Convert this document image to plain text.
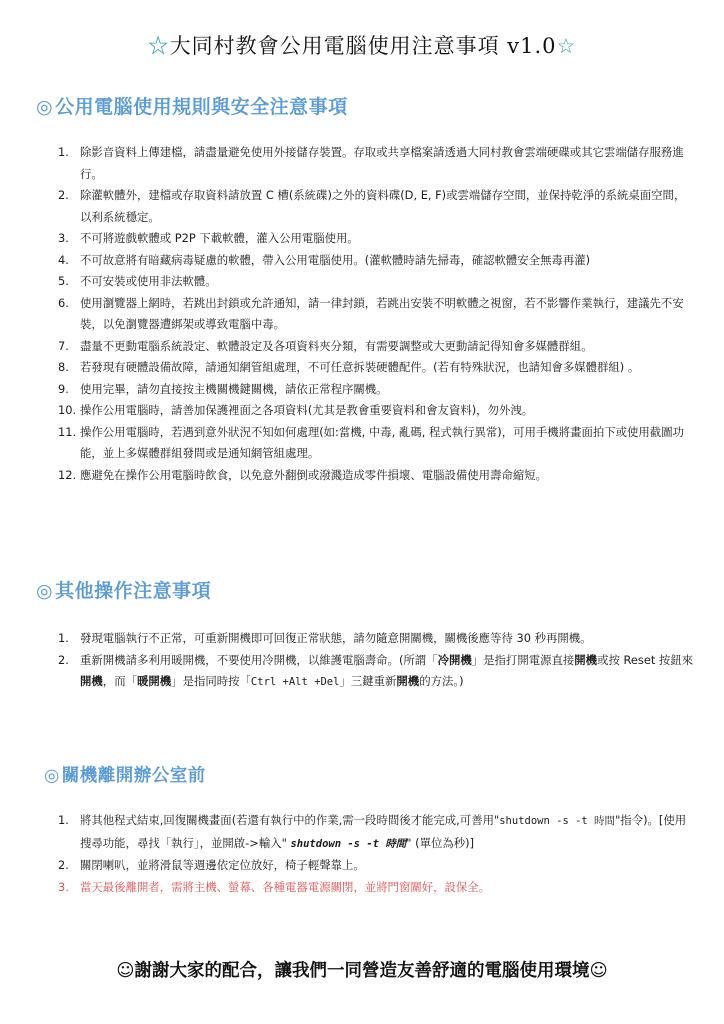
☆大同村教會公用電腦使用注意事項 v1.0☆
◎ 公用電腦使用規則與安全注意事項
1. 除影音資料上傳建檔，請盡量避免使用外接儲存裝置。存取或共享檔案請透過大同村教會雲端硬碟或其它雲端儲存服務進行。
2. 除灌軟體外，建檔或存取資料請放置 C 槽(系統碟)之外的資料碟(D, E, F)或雲端儲存空間，並保持乾淨的系統桌面空間，以利系統穩定。
3. 不可將遊戲軟體或 P2P 下載軟體，灌入公用電腦使用。
4. 不可故意將有暗藏病毒疑慮的軟體，帶入公用電腦使用。(灌軟體時請先掃毒，確認軟體安全無毒再灌)
5. 不可安裝或使用非法軟體。
6. 使用瀏覽器上網時，若跳出封鎖或允許通知，請一律封鎖，若跳出安裝不明軟體之視窗，若不影響作業執行，建議先不安裝，以免瀏覽器遭綁架或導致電腦中毒。
7. 盡量不更動電腦系統設定、軟體設定及各項資料夾分類，有需要調整或大更動請記得知會多媒體群組。
8. 若發現有硬體設備故障，請通知網管組處理，不可任意拆裝硬體配件。(若有特殊狀況，也請知會多媒體群組) 。
9. 使用完畢，請勿直接按主機關機鍵關機，請依正常程序關機。
10. 操作公用電腦時，請善加保護裡面之各項資料(尤其是教會重要資料和會友資料)，勿外洩。
11. 操作公用電腦時，若遇到意外狀況不知如何處理(如:當機, 中毒, 亂碼, 程式執行異常)，可用手機將畫面拍下或使用截圖功能，並上多媒體群組發問或是通知網管組處理。
12. 應避免在操作公用電腦時飲食，以免意外翻倒或潑濺造成零件損壞、電腦設備使用壽命縮短。
◎ 其他操作注意事項
1. 發現電腦執行不正常，可重新開機即可回復正常狀態，請勿隨意開關機，關機後應等待 30 秒再開機。
2. 重新開機請多利用暖開機，不要使用冷開機，以維護電腦壽命。(所謂「冷開機」是指打開電源直接開機或按 Reset 按鈕來開機，而「暖開機」是指同時按「Ctrl +Alt +Del」三鍵重新開機的方法。)
◎ 關機離開辦公室前
1. 將其他程式結束,回復關機畫面(若還有執行中的作業,需一段時間後才能完成,可善用"shutdown -s -t 時間"指令)。[使用搜尋功能，尋找「執行」，並開啟->輸入" shutdown -s -t 時間" (單位為秒)]
2. 關閉喇叭，並將滑鼠等週邊依定位放好，椅子輕聲靠上。
3. 當天最後離開者，需將主機、螢幕、各種電器電源關閉，並將門窗關好，設保全。
☺謝謝大家的配合，讓我們一同營造友善舒適的電腦使用環境☺
